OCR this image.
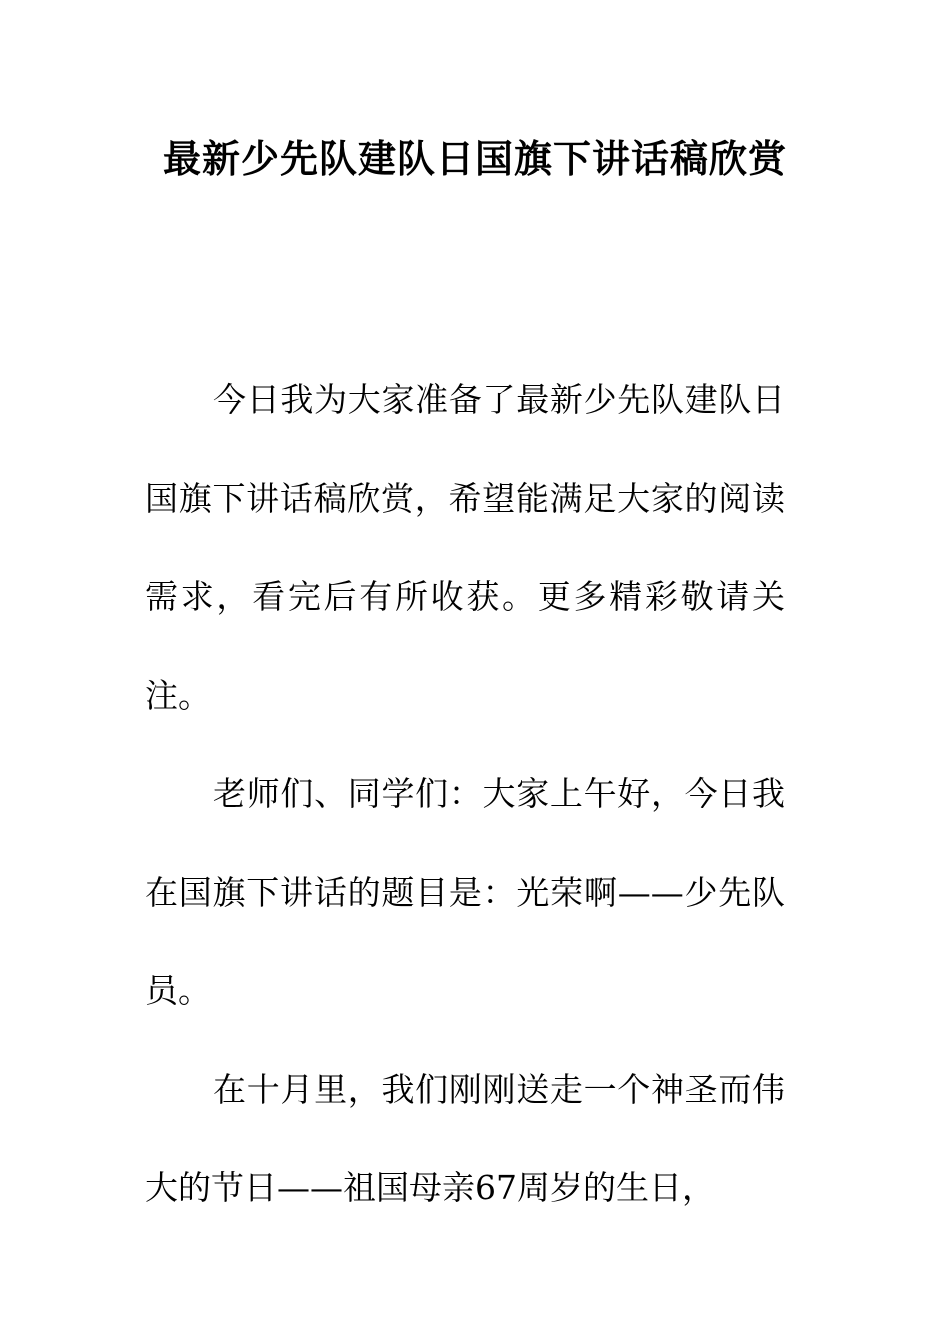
最新少先队建队日国旗下讲话稿欣赏

今日我为大家准备了最新少先队建队日国旗下讲话稿欣赏，希望能满足大家的阅读需求，看完后有所收获。更多精彩敬请关注。

老师们、同学们：大家上午好，今日我在国旗下讲话的题目是：光荣啊——少先队员。

在十月里，我们刚刚送走一个神圣而伟大的节日——祖国母亲67周岁的生日，
